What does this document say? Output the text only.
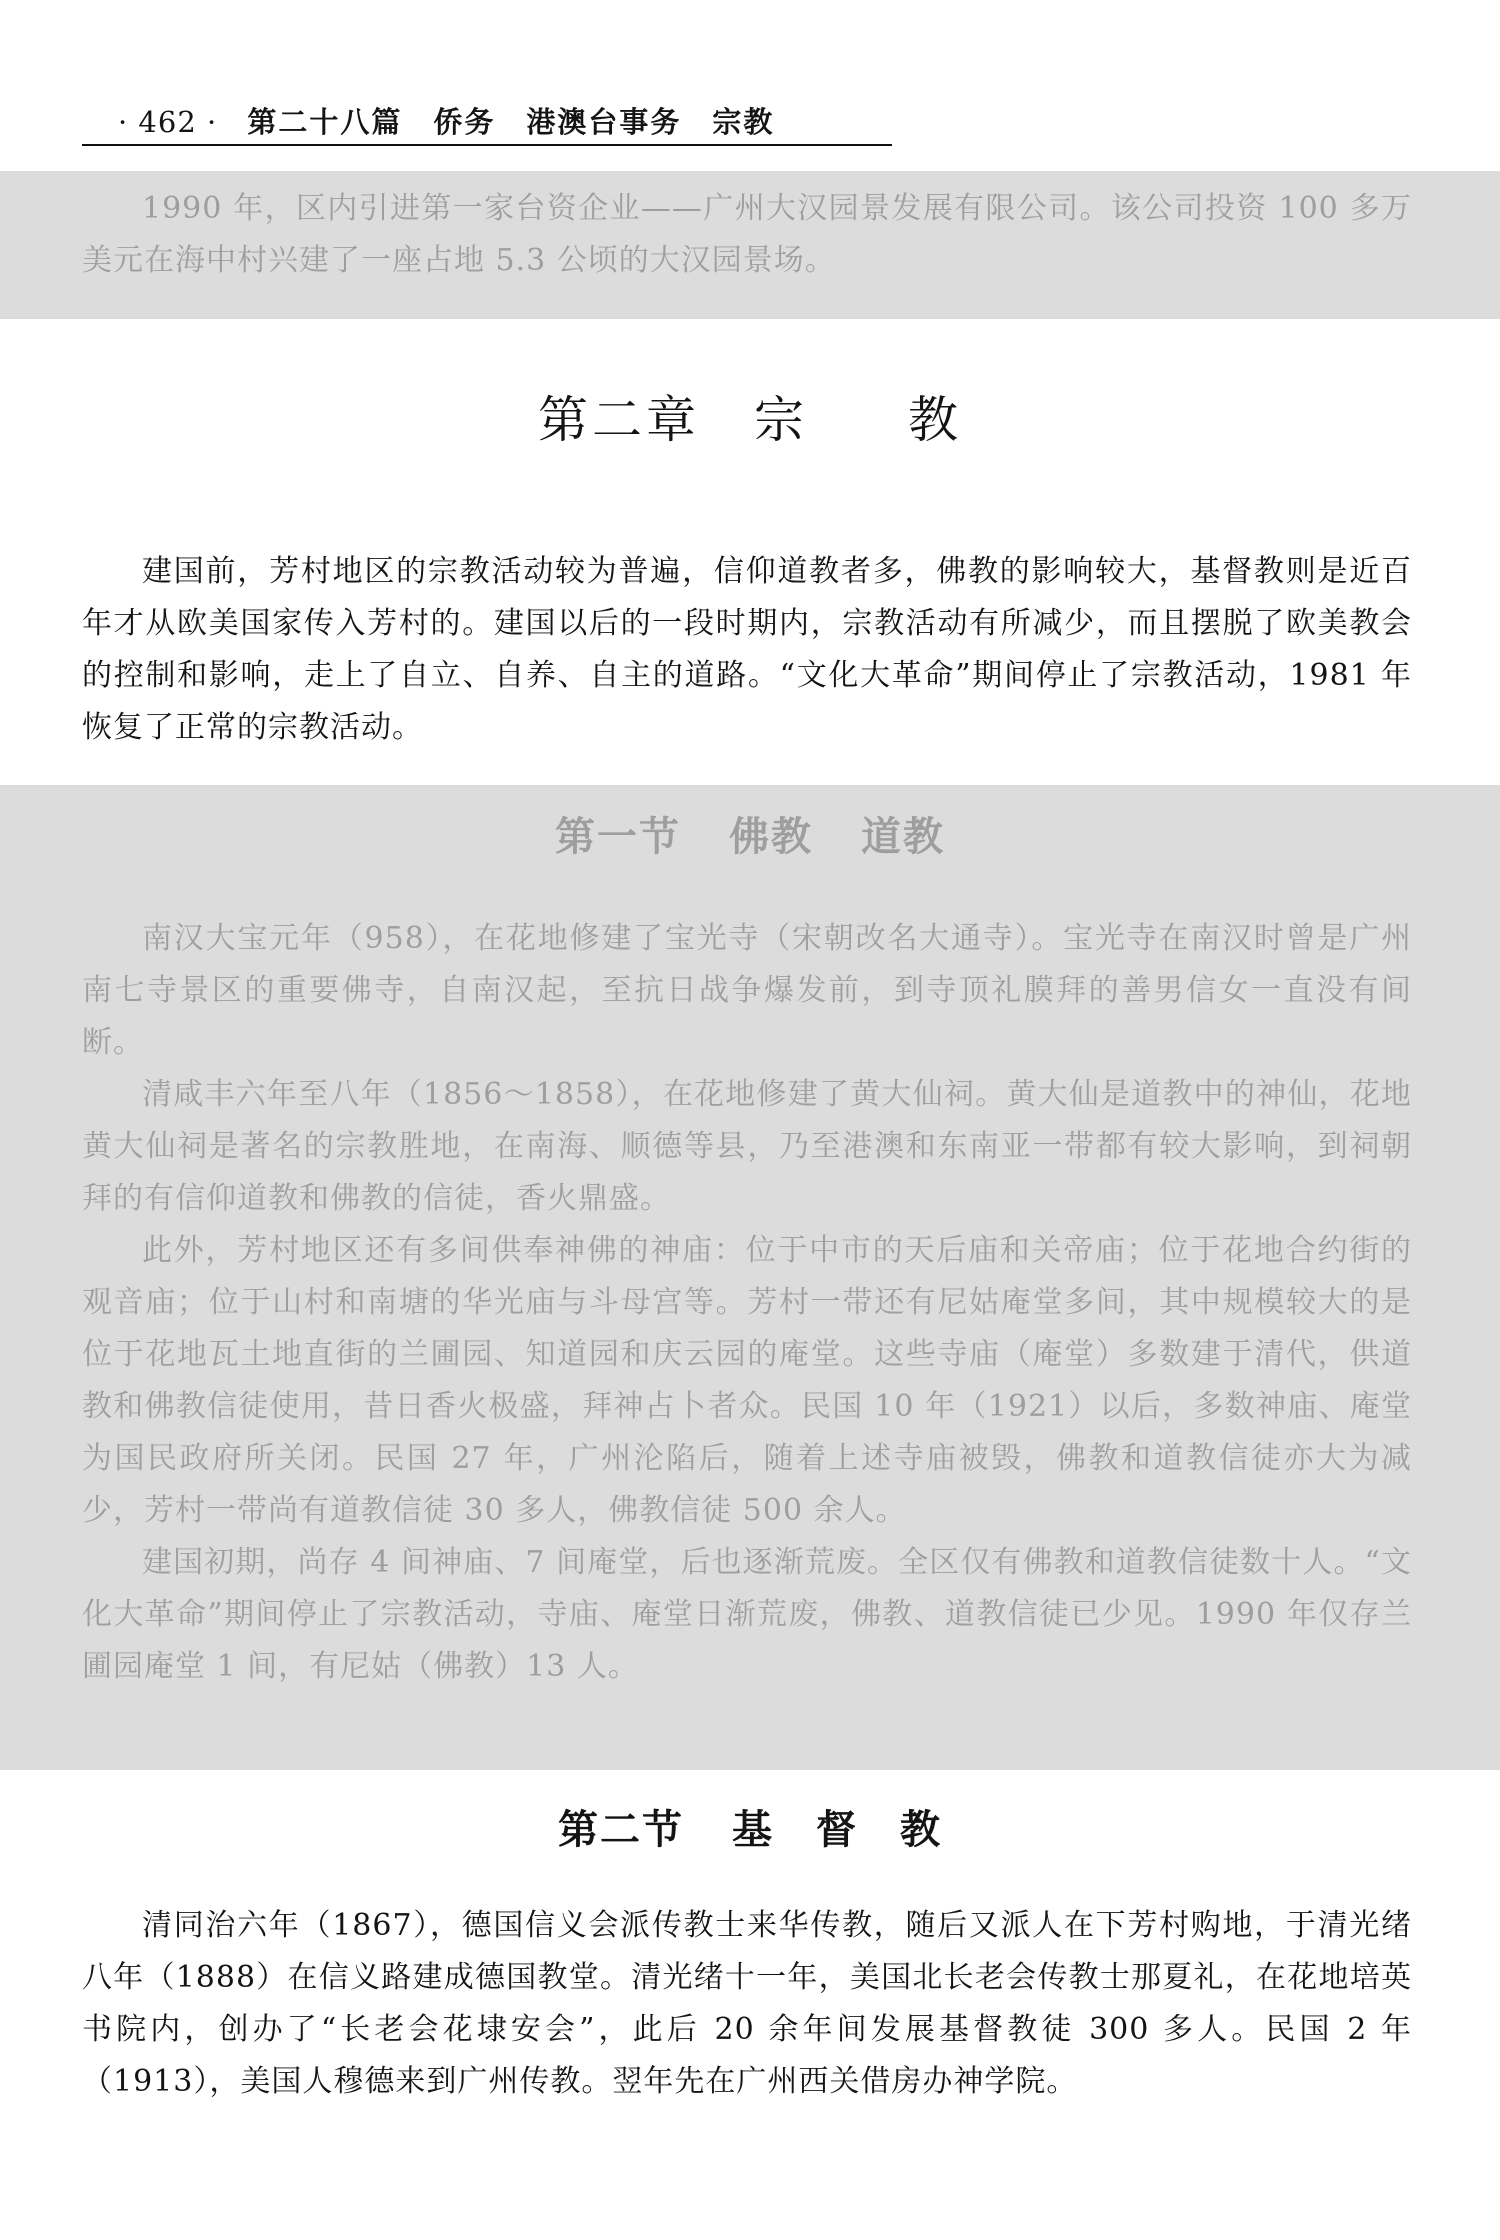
· 462 · 第二十八篇　侨务　港澳台事务　宗教

1990 年，区内引进第一家台资企业——广州大汉园景发展有限公司。该公司投资 100 多万美元在海中村兴建了一座占地 5.3 公顷的大汉园景场。

第二章　宗 教

建国前，芳村地区的宗教活动较为普遍，信仰道教者多，佛教的影响较大，基督教则是近百年才从欧美国家传入芳村的。建国以后的一段时期内，宗教活动有所减少，而且摆脱了欧美教会的控制和影响，走上了自立、自养、自主的道路。“文化大革命”期间停止了宗教活动，1981 年恢复了正常的宗教活动。

第一节 佛教 道教

南汉大宝元年（958），在花地修建了宝光寺（宋朝改名大通寺）。宝光寺在南汉时曾是广州南七寺景区的重要佛寺，自南汉起，至抗日战争爆发前，到寺顶礼膜拜的善男信女一直没有间断。

清咸丰六年至八年（1856～1858），在花地修建了黄大仙祠。黄大仙是道教中的神仙，花地黄大仙祠是著名的宗教胜地，在南海、顺德等县，乃至港澳和东南亚一带都有较大影响，到祠朝拜的有信仰道教和佛教的信徒，香火鼎盛。

此外，芳村地区还有多间供奉神佛的神庙：位于中市的天后庙和关帝庙；位于花地合约街的观音庙；位于山村和南塘的华光庙与斗母宫等。芳村一带还有尼姑庵堂多间，其中规模较大的是位于花地瓦土地直街的兰圃园、知道园和庆云园的庵堂。这些寺庙（庵堂）多数建于清代，供道教和佛教信徒使用，昔日香火极盛，拜神占卜者众。民国 10 年（1921）以后，多数神庙、庵堂为国民政府所关闭。民国 27 年，广州沦陷后，随着上述寺庙被毁，佛教和道教信徒亦大为减少，芳村一带尚有道教信徒 30 多人，佛教信徒 500 余人。

建国初期，尚存 4 间神庙、7 间庵堂，后也逐渐荒废。全区仅有佛教和道教信徒数十人。“文化大革命”期间停止了宗教活动，寺庙、庵堂日渐荒废，佛教、道教信徒已少见。1990 年仅存兰圃园庵堂 1 间，有尼姑（佛教）13 人。

第二节 基　督　教

清同治六年（1867），德国信义会派传教士来华传教，随后又派人在下芳村购地，于清光绪八年（1888）在信义路建成德国教堂。清光绪十一年，美国北长老会传教士那夏礼，在花地培英书院内，创办了“长老会花埭安会”，此后 20 余年间发展基督教徒 300 多人。民国 2 年（1913），美国人穆德来到广州传教。翌年先在广州西关借房办神学院。
